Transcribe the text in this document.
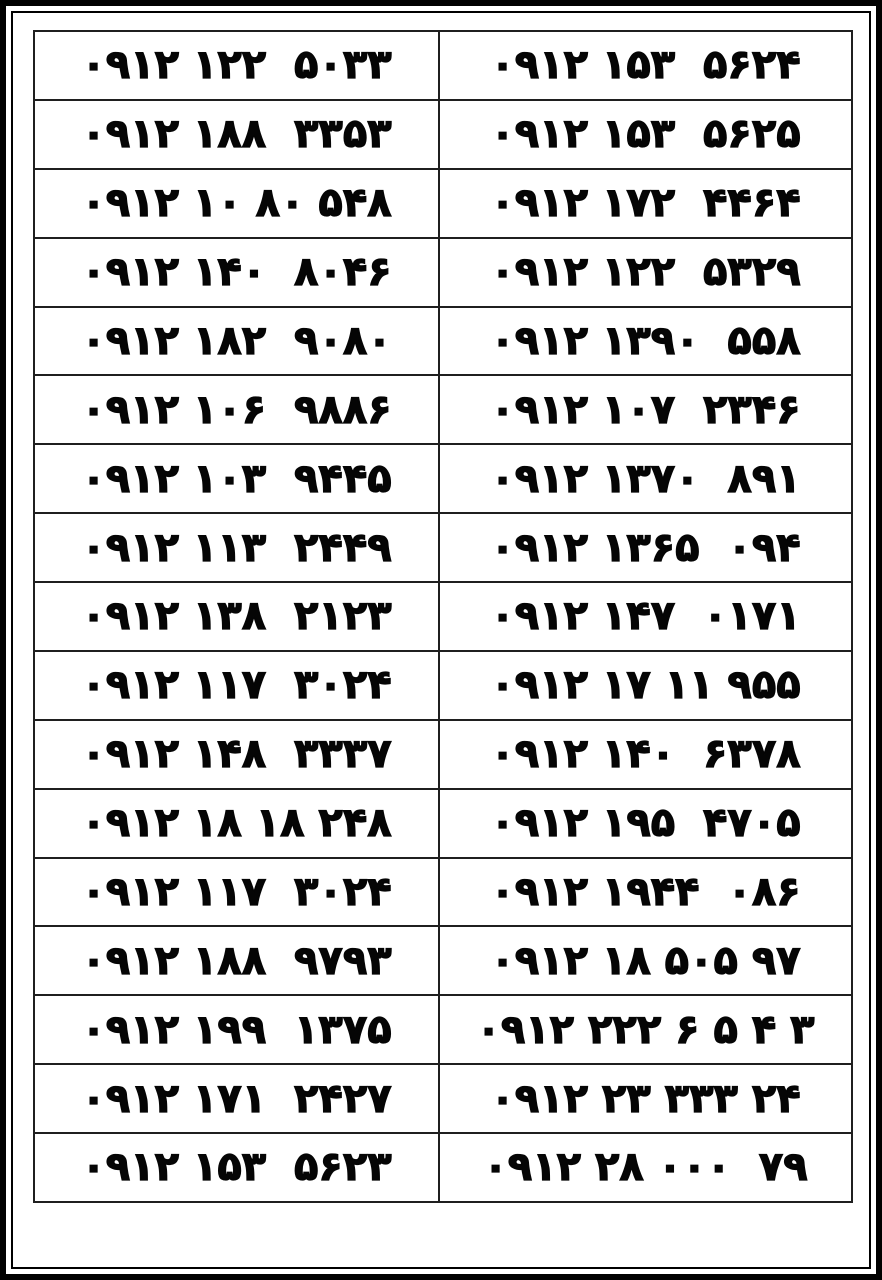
۰۹۱۲ ۱۲۲  ۵۰۳۳	۰۹۱۲ ۱۵۳  ۵۶۲۴
۰۹۱۲ ۱۸۸  ۳۳۵۳	۰۹۱۲ ۱۵۳  ۵۶۲۵
۰۹۱۲ ۱۰ ۸۰ ۵۴۸	۰۹۱۲ ۱۷۲  ۴۴۶۴
۰۹۱۲ ۱۴۰  ۸۰۴۶	۰۹۱۲ ۱۲۲  ۵۳۲۹
۰۹۱۲ ۱۸۲  ۹۰۸۰	۰۹۱۲ ۱۳۹۰  ۵۵۸
۰۹۱۲ ۱۰۶  ۹۸۸۶	۰۹۱۲ ۱۰۷  ۲۳۴۶
۰۹۱۲ ۱۰۳  ۹۴۴۵	۰۹۱۲ ۱۳۷۰  ۸۹۱
۰۹۱۲ ۱۱۳  ۲۴۴۹	۰۹۱۲ ۱۳۶۵  ۰۹۴
۰۹۱۲ ۱۳۸  ۲۱۲۳	۰۹۱۲ ۱۴۷  ۰۱۷۱
۰۹۱۲ ۱۱۷  ۳۰۲۴	۰۹۱۲ ۱۷ ۱۱ ۹۵۵
۰۹۱۲ ۱۴۸  ۳۳۳۷	۰۹۱۲ ۱۴۰  ۶۳۷۸
۰۹۱۲ ۱۸ ۱۸ ۲۴۸	۰۹۱۲ ۱۹۵  ۴۷۰۵
۰۹۱۲ ۱۱۷  ۳۰۲۴	۰۹۱۲ ۱۹۴۴  ۰۸۶
۰۹۱۲ ۱۸۸  ۹۷۹۳	۰۹۱۲ ۱۸ ۵۰۵ ۹۷
۰۹۱۲ ۱۹۹  ۱۳۷۵	۰۹۱۲ ۲۲۲ ۶ ۵ ۴ ۳
۰۹۱۲ ۱۷۱  ۲۴۲۷	۰۹۱۲ ۲۳ ۳۳۳ ۲۴
۰۹۱۲ ۱۵۳  ۵۶۲۳	۰۹۱۲ ۲۸ ۰۰۰  ۷۹
